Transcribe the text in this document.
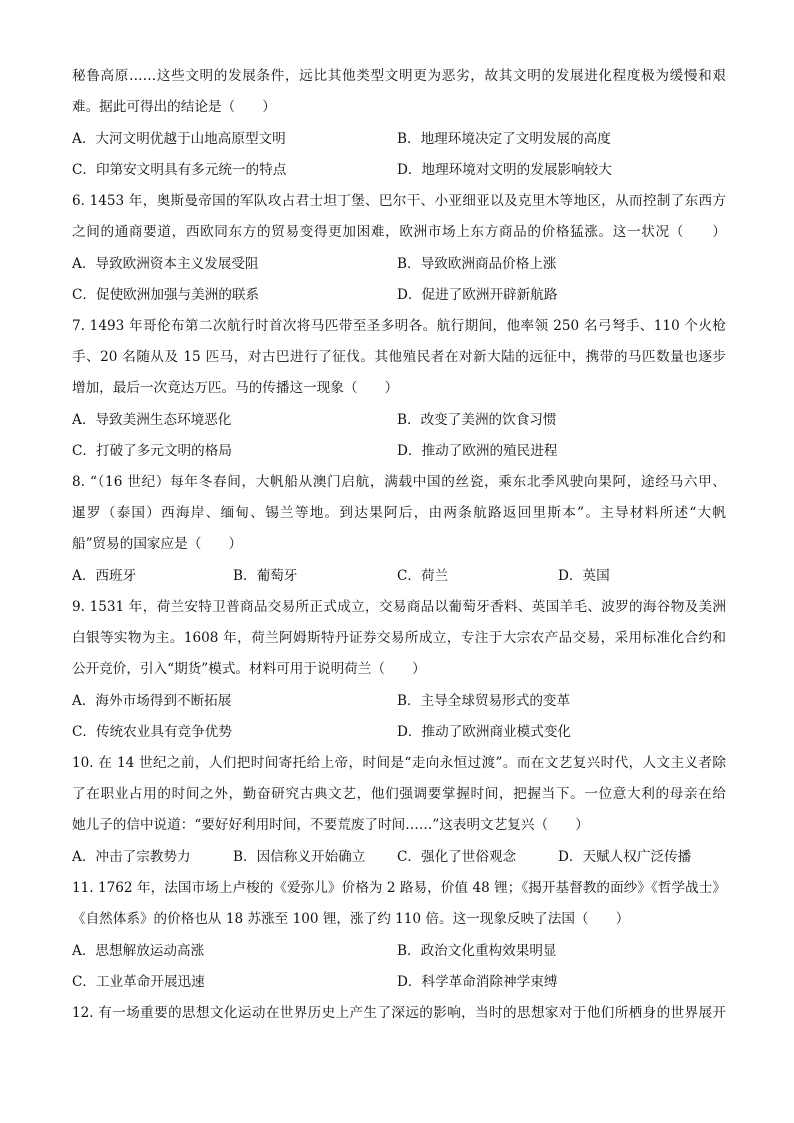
秘鲁高原……这些文明的发展条件，远比其他类型文明更为恶劣，故其文明的发展进化程度极为缓慢和艰
难。据此可得出的结论是（　　）
A．大河文明优越于山地高原型文明	B．地理环境决定了文明发展的高度
C．印第安文明具有多元统一的特点	D．地理环境对文明的发展影响较大
6. 1453 年，奥斯曼帝国的军队攻占君士坦丁堡、巴尔干、小亚细亚以及克里木等地区，从而控制了东西方
之间的通商要道，西欧同东方的贸易变得更加困难，欧洲市场上东方商品的价格猛涨。这一状况（　　）
A．导致欧洲资本主义发展受阻	B．导致欧洲商品价格上涨
C．促使欧洲加强与美洲的联系	D．促进了欧洲开辟新航路
7. 1493 年哥伦布第二次航行时首次将马匹带至圣多明各。航行期间，他率领 250 名弓弩手、110 个火枪
手、20 名随从及 15 匹马，对古巴进行了征伐。其他殖民者在对新大陆的远征中，携带的马匹数量也逐步
增加，最后一次竟达万匹。马的传播这一现象（　　）
A．导致美洲生态环境恶化	B．改变了美洲的饮食习惯
C．打破了多元文明的格局	D．推动了欧洲的殖民进程
8. “（16 世纪）每年冬春间，大帆船从澳门启航，满载中国的丝瓷，乘东北季风驶向果阿，途经马六甲、
暹罗（泰国）西海岸、缅甸、锡兰等地。到达果阿后，由两条航路返回里斯本”。主导材料所述“大帆
船”贸易的国家应是（　　）
A．西班牙	B．葡萄牙	C．荷兰	D．英国
9. 1531 年，荷兰安特卫普商品交易所正式成立，交易商品以葡萄牙香料、英国羊毛、波罗的海谷物及美洲
白银等实物为主。1608 年，荷兰阿姆斯特丹证券交易所成立，专注于大宗农产品交易，采用标准化合约和
公开竞价，引入“期货”模式。材料可用于说明荷兰（　　）
A．海外市场得到不断拓展	B．主导全球贸易形式的变革
C．传统农业具有竞争优势	D．推动了欧洲商业模式变化
10. 在 14 世纪之前，人们把时间寄托给上帝，时间是“走向永恒过渡”。而在文艺复兴时代，人文主义者除
了在职业占用的时间之外，勤奋研究古典文艺，他们强调要掌握时间，把握当下。一位意大利的母亲在给
她儿子的信中说道：“要好好利用时间，不要荒废了时间……”这表明文艺复兴（　　）
A．冲击了宗教势力	B．因信称义开始确立 C．强化了世俗观念	D．天赋人权广泛传播
11. 1762 年，法国市场上卢梭的《爱弥儿》价格为 2 路易，价值 48 锂；《揭开基督教的面纱》《哲学战士》
《自然体系》的价格也从 18 苏涨至 100 锂，涨了约 110 倍。这一现象反映了法国（　　）
A．思想解放运动高涨	B．政治文化重构效果明显
C．工业革命开展迅速	D．科学革命消除神学束缚
12. 有一场重要的思想文化运动在世界历史上产生了深远的影响，当时的思想家对于他们所栖身的世界展开
